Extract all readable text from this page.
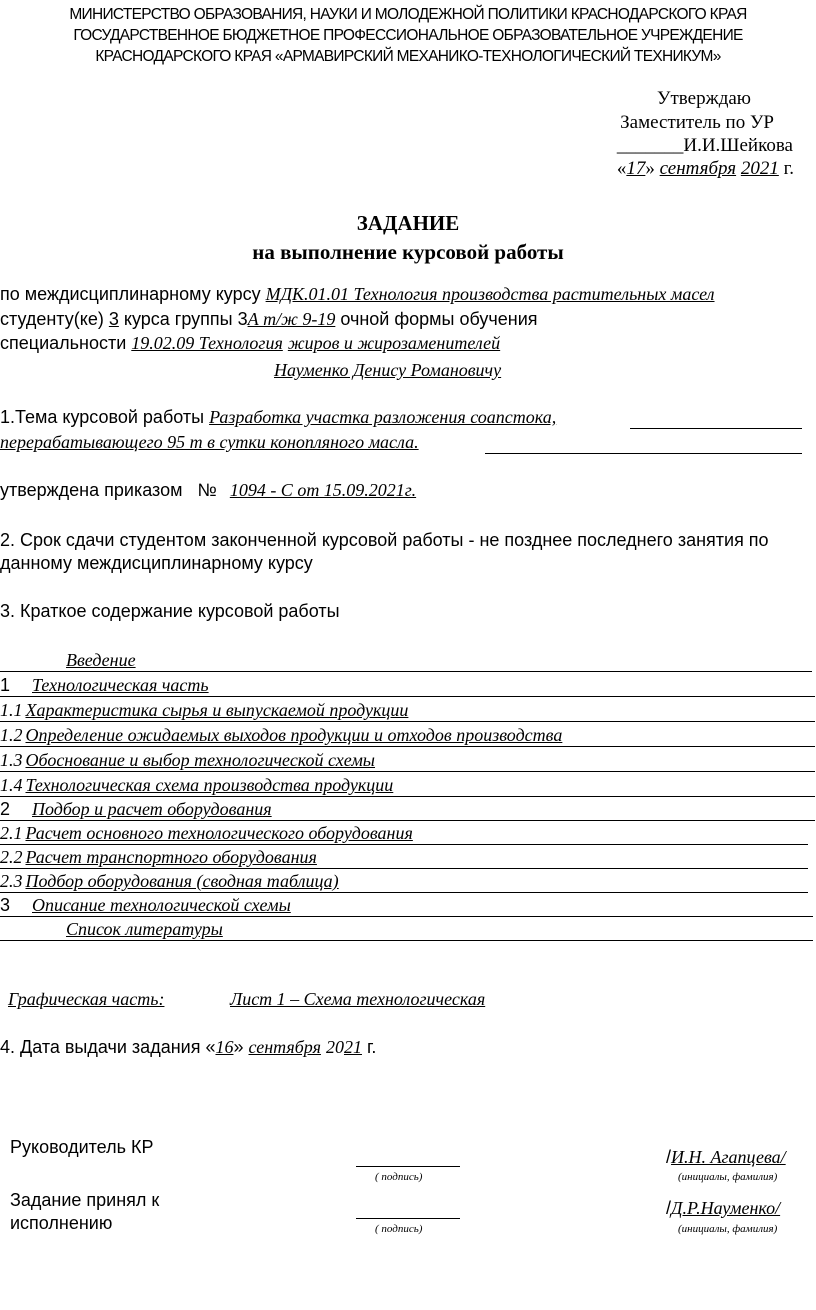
МИНИСТЕРСТВО ОБРАЗОВАНИЯ, НАУКИ И МОЛОДЕЖНОЙ ПОЛИТИКИ КРАСНОДАРСКОГО КРАЯ
ГОСУДАРСТВЕННОЕ БЮДЖЕТНОЕ ПРОФЕССИОНАЛЬНОЕ ОБРАЗОВАТЕЛЬНОЕ УЧРЕЖДЕНИЕ
КРАСНОДАРСКОГО КРАЯ «АРМАВИРСКИЙ МЕХАНИКО-ТЕХНОЛОГИЧЕСКИЙ ТЕХНИКУМ»
Утверждаю
Заместитель по УР
_______И.И.Шейкова
«17» сентября 2021 г.
ЗАДАНИЕ
на выполнение курсовой работы
по междисциплинарному курсу МДК.01.01 Технология производства растительных масел
студенту(ке) 3 курса группы 3А т/ж 9-19 очной формы обучения
специальности 19.02.09 Технология жиров и жирозаменителей
Науменко Денису Романовичу
1.Тема курсовой работы Разработка участка разложения соапстока,
перерабатывающего 95 т в сутки конопляного масла.
утверждена приказом № 1094 - С от 15.09.2021г.
2. Срок сдачи студентом законченной курсовой работы - не позднее последнего занятия по
данному междисциплинарному курсу
3. Краткое содержание курсовой работы
Введение
1 Технологическая часть
1.1 Характеристика сырья и выпускаемой продукции
1.2 Определение ожидаемых выходов продукции и отходов производства
1.3 Обоснование и выбор технологической схемы
1.4 Технологическая схема производства продукции
2 Подбор и расчет оборудования
2.1 Расчет основного технологического оборудования
2.2 Расчет транспортного оборудования
2.3 Подбор оборудования (сводная таблица)
3 Описание технологической схемы
Список литературы
Графическая часть:	Лист 1 – Схема технологическая
4. Дата выдачи задания «16» сентября 2021 г.
Руководитель КР
( подпись)
/И.Н. Агапцева/
(инициалы, фамилия)
Задание принял к
исполнению	( подпись)
/Д.Р.Науменко/
(инициалы, фамилия)
